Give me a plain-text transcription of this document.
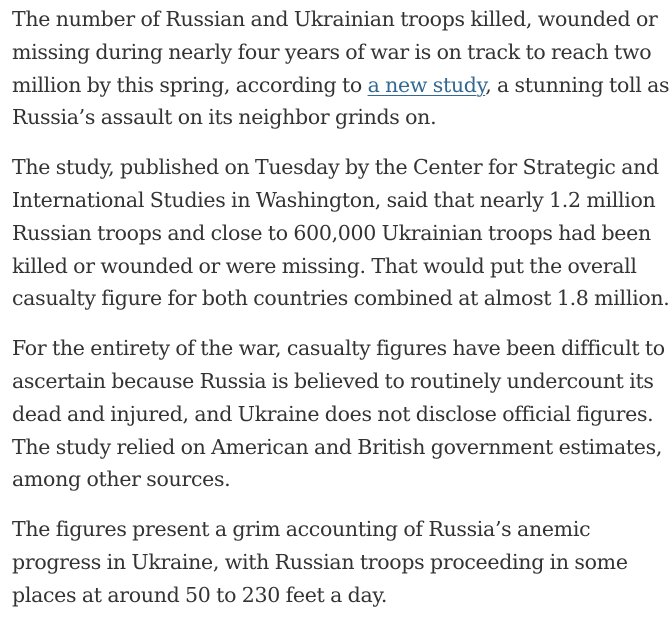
The number of Russian and Ukrainian troops killed, wounded or missing during nearly four years of war is on track to reach two million by this spring, according to a new study, a stunning toll as Russia’s assault on its neighbor grinds on.

The study, published on Tuesday by the Center for Strategic and International Studies in Washington, said that nearly 1.2 million Russian troops and close to 600,000 Ukrainian troops had been killed or wounded or were missing. That would put the overall casualty figure for both countries combined at almost 1.8 million.

For the entirety of the war, casualty figures have been difficult to ascertain because Russia is believed to routinely undercount its dead and injured, and Ukraine does not disclose official figures. The study relied on American and British government estimates, among other sources.

The figures present a grim accounting of Russia’s anemic progress in Ukraine, with Russian troops proceeding in some places at around 50 to 230 feet a day.
